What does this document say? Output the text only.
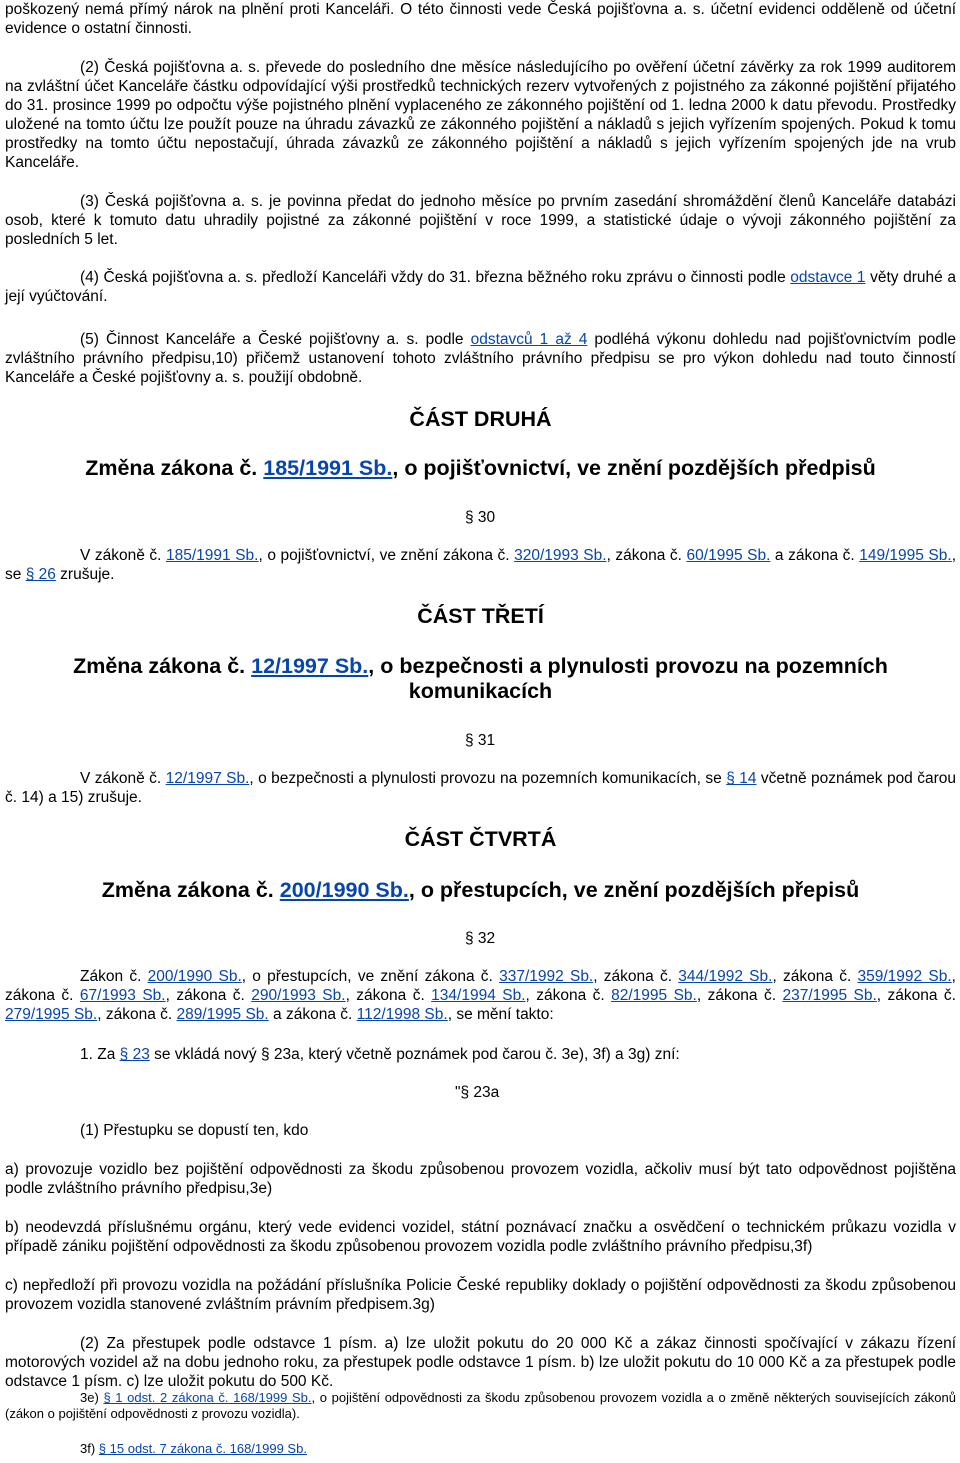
poškozený nemá přímý nárok na plnění proti Kanceláři. O této činnosti vede Česká pojišťovna a. s. účetní evidenci odděleně od účetní evidence o ostatní činnosti.

(2) Česká pojišťovna a. s. převede do posledního dne měsíce následujícího po ověření účetní závěrky za rok 1999 auditorem na zvláštní účet Kanceláře částku odpovídající výši prostředků technických rezerv vytvořených z pojistného za zákonné pojištění přijatého do 31. prosince 1999 po odpočtu výše pojistného plnění vyplaceného ze zákonného pojištění od 1. ledna 2000 k datu převodu. Prostředky uložené na tomto účtu lze použít pouze na úhradu závazků ze zákonného pojištění a nákladů s jejich vyřízením spojených. Pokud k tomu prostředky na tomto účtu nepostačují, úhrada závazků ze zákonného pojištění a nákladů s jejich vyřízením spojených jde na vrub Kanceláře.

(3) Česká pojišťovna a. s. je povinna předat do jednoho měsíce po prvním zasedání shromáždění členů Kanceláře databázi osob, které k tomuto datu uhradily pojistné za zákonné pojištění v roce 1999, a statistické údaje o vývoji zákonného pojištění za posledních 5 let.

(4) Česká pojišťovna a. s. předloží Kanceláři vždy do 31. března běžného roku zprávu o činnosti podle odstavce 1 věty druhé a její vyúčtování.

(5) Činnost Kanceláře a České pojišťovny a. s. podle odstavců 1 až 4 podléhá výkonu dohledu nad pojišťovnictvím podle zvláštního právního předpisu,10) přičemž ustanovení tohoto zvláštního právního předpisu se pro výkon dohledu nad touto činností Kanceláře a České pojišťovny a. s. použijí obdobně.

ČÁST DRUHÁ
Změna zákona č. 185/1991 Sb., o pojišťovnictví, ve znění pozdějších předpisů
§ 30

V zákoně č. 185/1991 Sb., o pojišťovnictví, ve znění zákona č. 320/1993 Sb., zákona č. 60/1995 Sb. a zákona č. 149/1995 Sb., se § 26 zrušuje.

ČÁST TŘETÍ
Změna zákona č. 12/1997 Sb., o bezpečnosti a plynulosti provozu na pozemních komunikacích
§ 31

V zákoně č. 12/1997 Sb., o bezpečnosti a plynulosti provozu na pozemních komunikacích, se § 14 včetně poznámek pod čarou č. 14) a 15) zrušuje.

ČÁST ČTVRTÁ
Změna zákona č. 200/1990 Sb., o přestupcích, ve znění pozdějších přepisů
§ 32

Zákon č. 200/1990 Sb., o přestupcích, ve znění zákona č. 337/1992 Sb., zákona č. 344/1992 Sb., zákona č. 359/1992 Sb., zákona č. 67/1993 Sb., zákona č. 290/1993 Sb., zákona č. 134/1994 Sb., zákona č. 82/1995 Sb., zákona č. 237/1995 Sb., zákona č. 279/1995 Sb., zákona č. 289/1995 Sb. a zákona č. 112/1998 Sb., se mění takto:

1. Za § 23 se vkládá nový § 23a, který včetně poznámek pod čarou č. 3e), 3f) a 3g) zní:

"§ 23a

(1) Přestupku se dopustí ten, kdo

a) provozuje vozidlo bez pojištění odpovědnosti za škodu způsobenou provozem vozidla, ačkoliv musí být tato odpovědnost pojištěna podle zvláštního právního předpisu,3e)

b) neodevzdá příslušnému orgánu, který vede evidenci vozidel, státní poznávací značku a osvědčení o technickém průkazu vozidla v případě zániku pojištění odpovědnosti za škodu způsobenou provozem vozidla podle zvláštního právního předpisu,3f)

c) nepředloží při provozu vozidla na požádání příslušníka Policie České republiky doklady o pojištění odpovědnosti za škodu způsobenou provozem vozidla stanovené zvláštním právním předpisem.3g)

(2) Za přestupek podle odstavce 1 písm. a) lze uložit pokutu do 20 000 Kč a zákaz činnosti spočívající v zákazu řízení motorových vozidel až na dobu jednoho roku, za přestupek podle odstavce 1 písm. b) lze uložit pokutu do 10 000 Kč a za přestupek podle odstavce 1 písm. c) lze uložit pokutu do 500 Kč.

3e) § 1 odst. 2 zákona č. 168/1999 Sb., o pojištění odpovědnosti za škodu způsobenou provozem vozidla a o změně některých souvisejících zákonů (zákon o pojištění odpovědnosti z provozu vozidla).

3f) § 15 odst. 7 zákona č. 168/1999 Sb.
